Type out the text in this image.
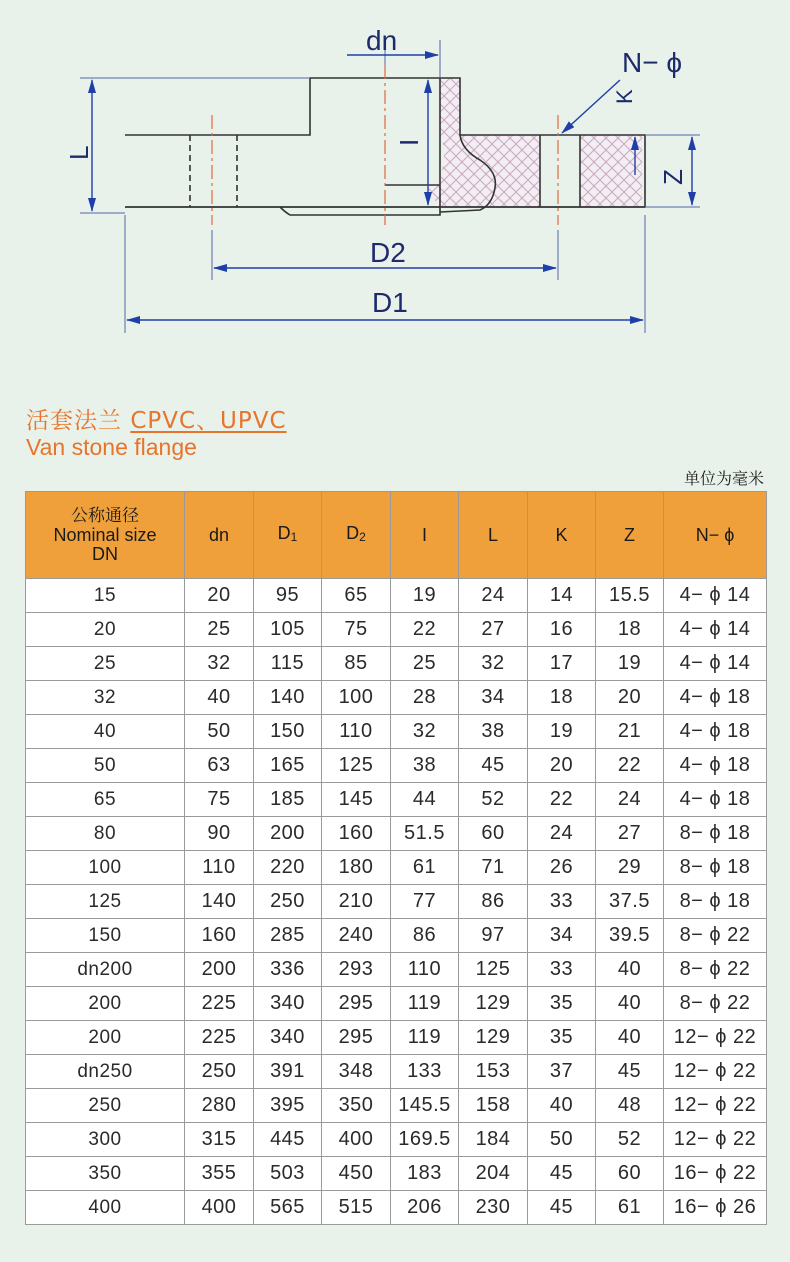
dn
N− ϕ
K
L
I
Z
D2
D1
活套法兰 CPVC、UPVC
Van stone flange
单位为毫米
公称通径
Nominal size
DN	dn	$D_1$	$D_2$	I	L	K	Z	N− ϕ
15	20	95	65	19	24	14	15.5	4− ϕ 14
20	25	105	75	22	27	16	18	4− ϕ 14
25	32	115	85	25	32	17	19	4− ϕ 14
32	40	140	100	28	34	18	20	4− ϕ 18
40	50	150	110	32	38	19	21	4− ϕ 18
50	63	165	125	38	45	20	22	4− ϕ 18
65	75	185	145	44	52	22	24	4− ϕ 18
80	90	200	160	51.5	60	24	27	8− ϕ 18
100	110	220	180	61	71	26	29	8− ϕ 18
125	140	250	210	77	86	33	37.5	8− ϕ 18
150	160	285	240	86	97	34	39.5	8− ϕ 22
dn200	200	336	293	110	125	33	40	8− ϕ 22
200	225	340	295	119	129	35	40	8− ϕ 22
200	225	340	295	119	129	35	40	12− ϕ 22
dn250	250	391	348	133	153	37	45	12− ϕ 22
250	280	395	350	145.5	158	40	48	12− ϕ 22
300	315	445	400	169.5	184	50	52	12− ϕ 22
350	355	503	450	183	204	45	60	16− ϕ 22
400	400	565	515	206	230	45	61	16− ϕ 26
